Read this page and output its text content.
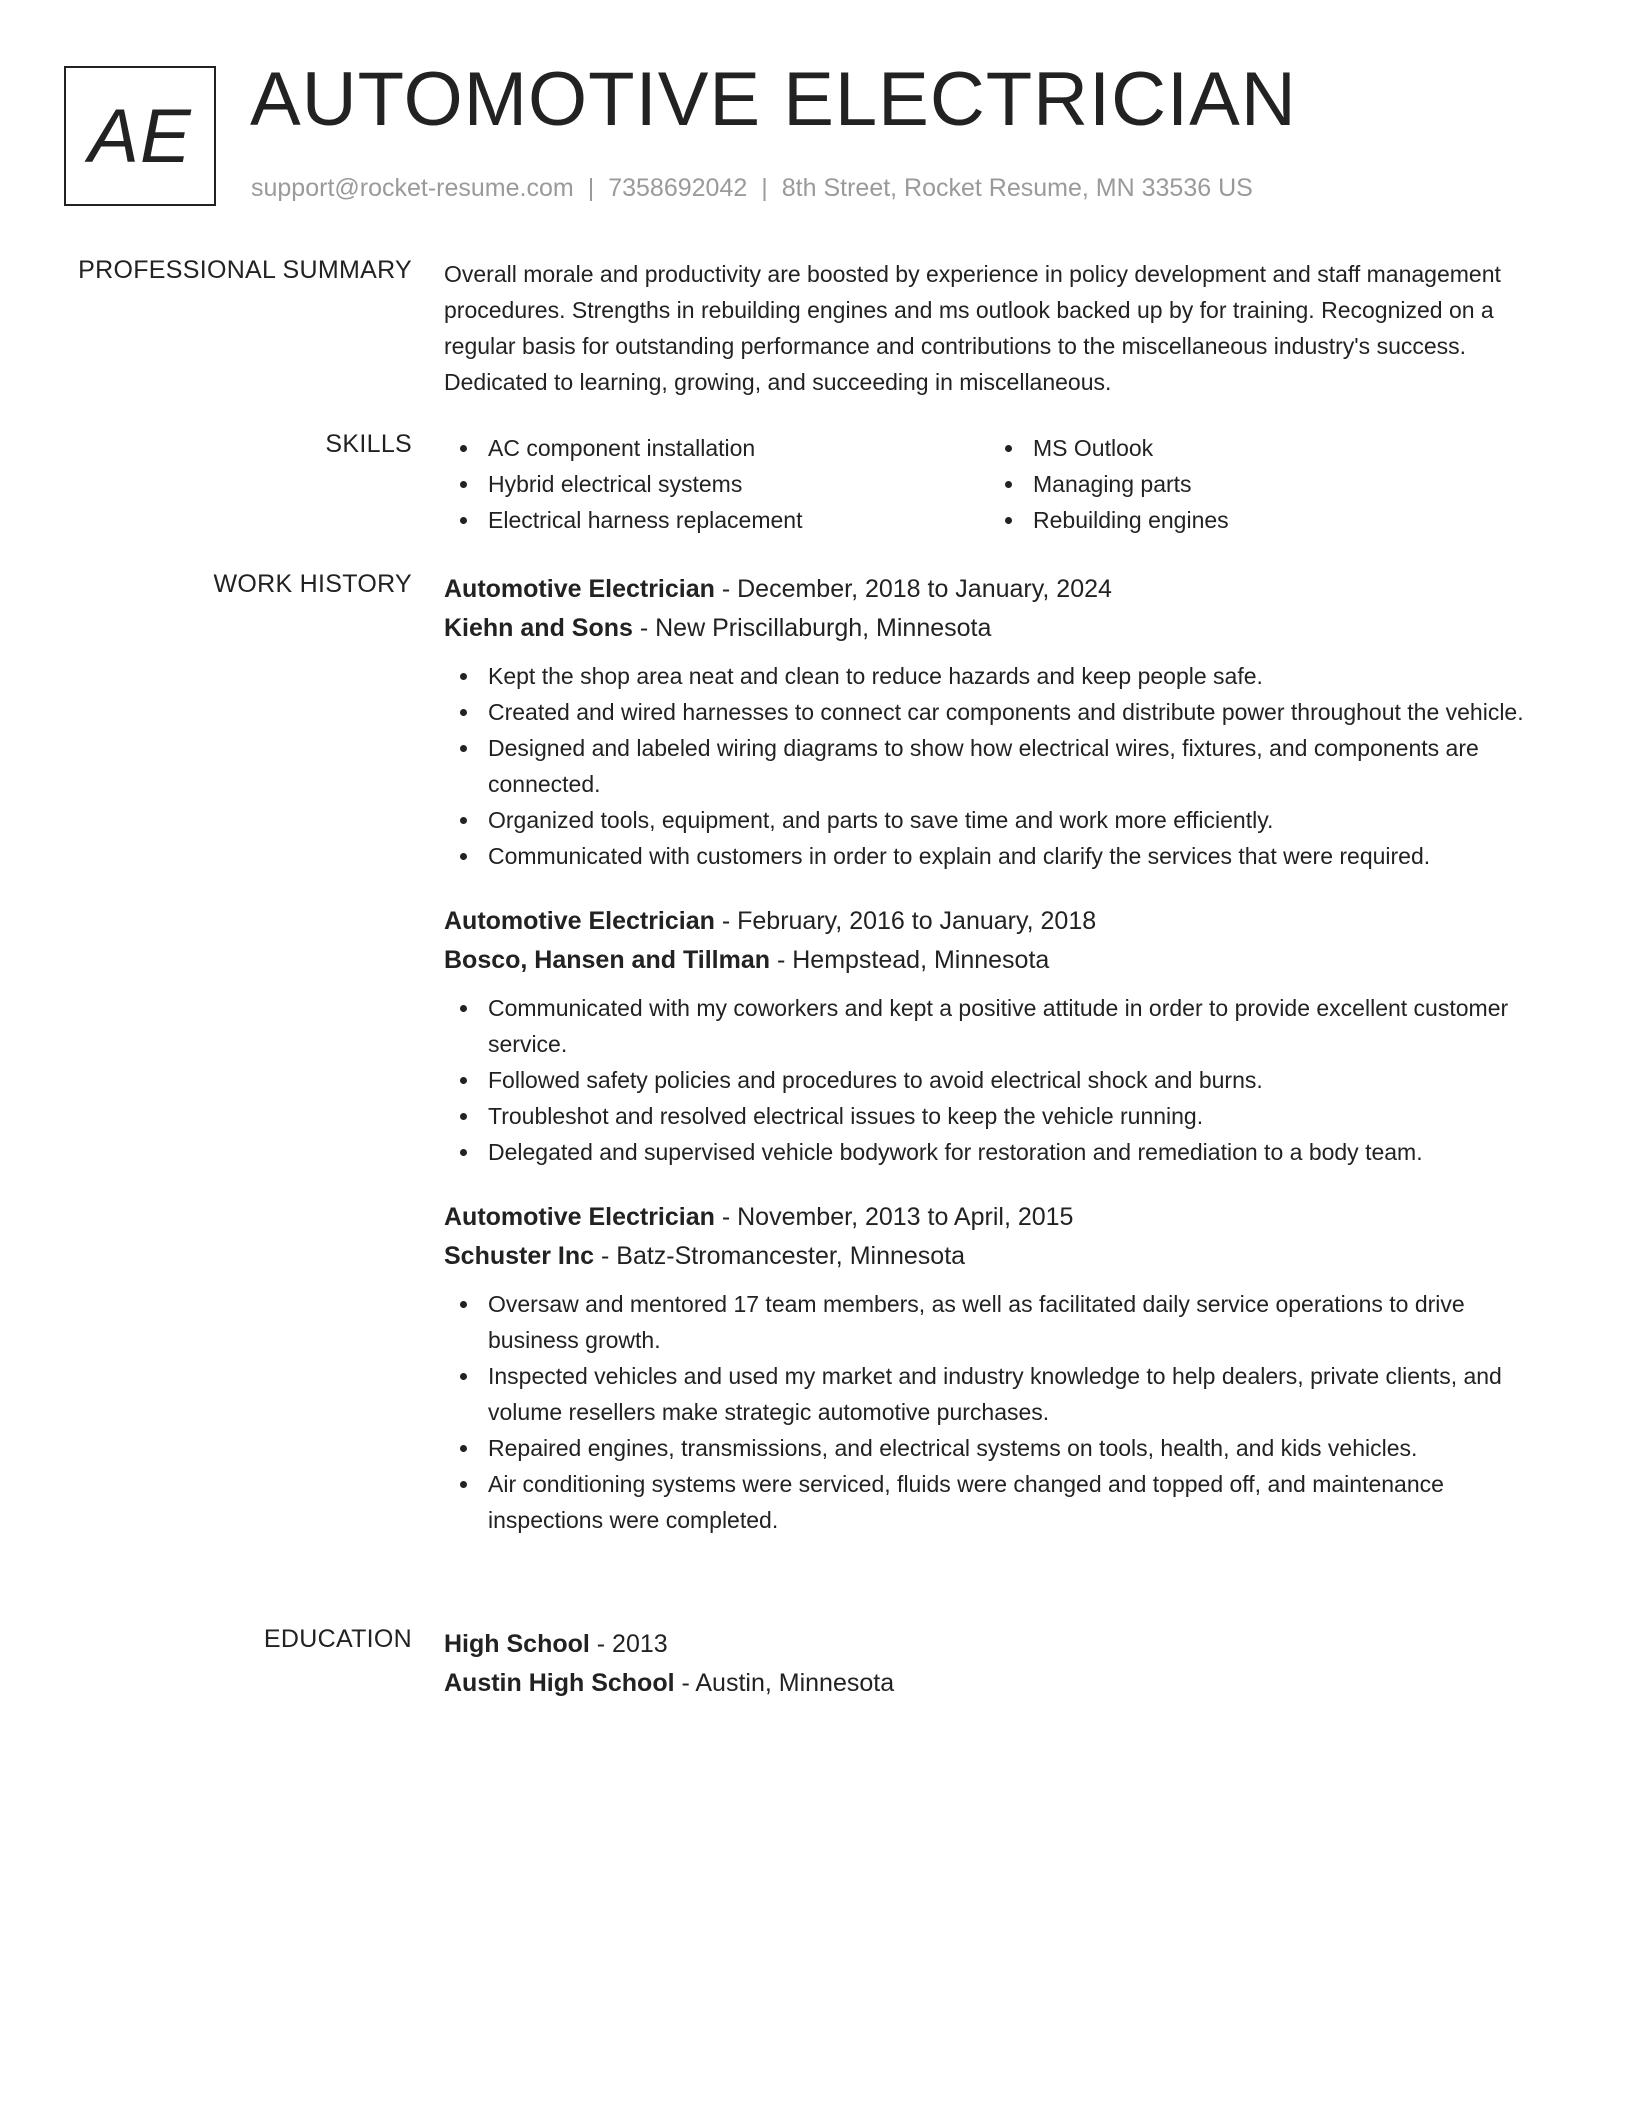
AE AUTOMOTIVE ELECTRICIAN
support@rocket-resume.com | 7358692042 | 8th Street, Rocket Resume, MN 33536 US
PROFESSIONAL SUMMARY Overall morale and productivity are boosted by experience in policy development and staff management procedures. Strengths in rebuilding engines and ms outlook backed up by for training. Recognized on a regular basis for outstanding performance and contributions to the miscellaneous industry's success. Dedicated to learning, growing, and succeeding in miscellaneous.

SKILLS	AC component installation
Hybrid electrical systems
Electrical harness replacement
MS Outlook
Managing parts
Rebuilding engines
WORK HISTORY Automotive Electrician - December, 2018 to January, 2024
Kiehn and Sons - New Priscillaburgh, Minnesota
Kept the shop area neat and clean to reduce hazards and keep people safe.
Created and wired harnesses to connect car components and distribute power throughout the vehicle.
Designed and labeled wiring diagrams to show how electrical wires, fixtures, and components are connected.
Organized tools, equipment, and parts to save time and work more efficiently.
Communicated with customers in order to explain and clarify the services that were required.
Automotive Electrician - February, 2016 to January, 2018
Bosco, Hansen and Tillman - Hempstead, Minnesota
Communicated with my coworkers and kept a positive attitude in order to provide excellent customer service.
Followed safety policies and procedures to avoid electrical shock and burns.
Troubleshot and resolved electrical issues to keep the vehicle running.
Delegated and supervised vehicle bodywork for restoration and remediation to a body team.
Automotive Electrician - November, 2013 to April, 2015
Schuster Inc - Batz-Stromancester, Minnesota
Oversaw and mentored 17 team members, as well as facilitated daily service operations to drive business growth.
Inspected vehicles and used my market and industry knowledge to help dealers, private clients, and volume resellers make strategic automotive purchases.
Repaired engines, transmissions, and electrical systems on tools, health, and kids vehicles.
Air conditioning systems were serviced, fluids were changed and topped off, and maintenance inspections were completed.
EDUCATION High School - 2013
Austin High School - Austin, Minnesota
